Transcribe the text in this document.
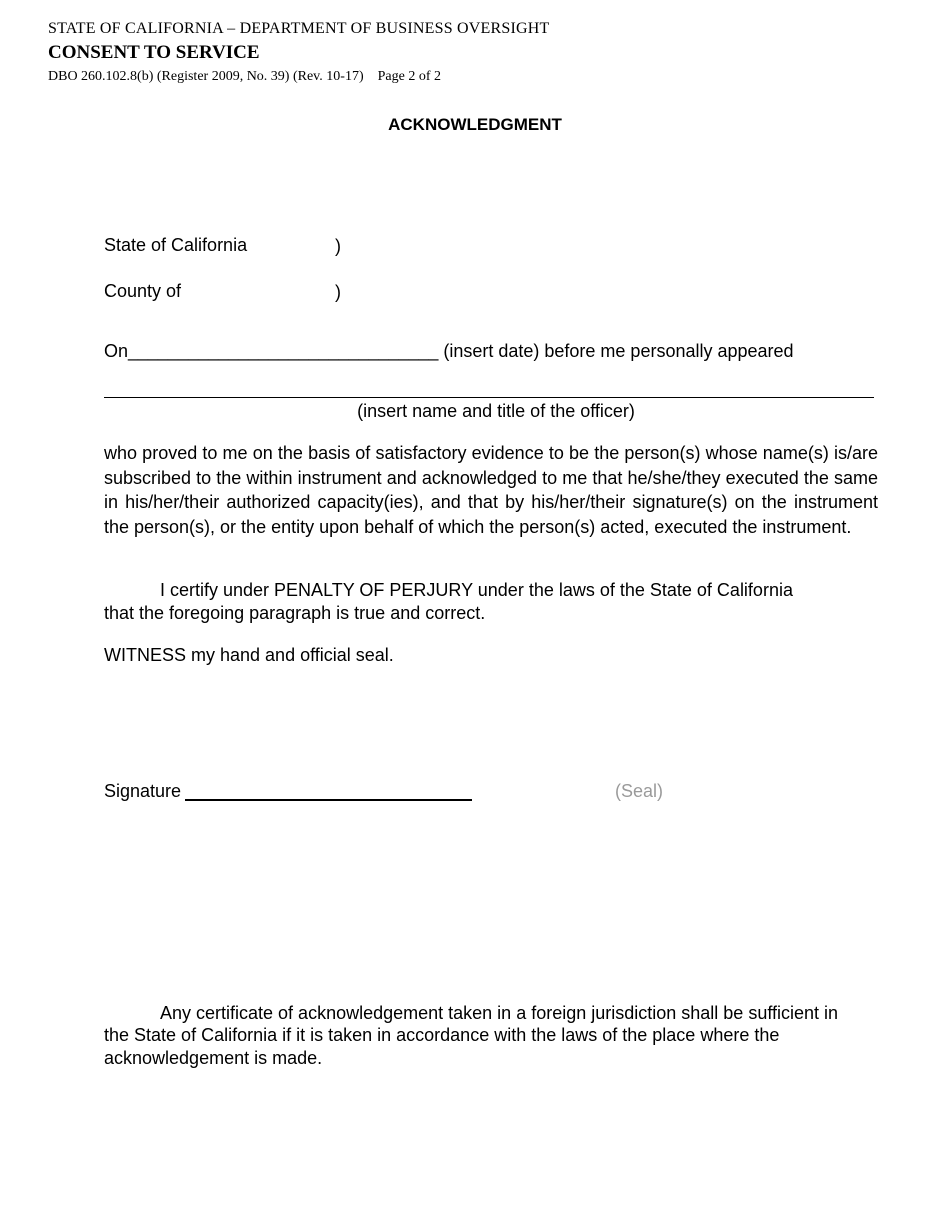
STATE OF CALIFORNIA – DEPARTMENT OF BUSINESS OVERSIGHT
CONSENT TO SERVICE
DBO 260.102.8(b) (Register 2009, No. 39) (Rev. 10-17)    Page 2 of 2
ACKNOWLEDGMENT
State of California	)
County of	)
On_______________________________ (insert date) before me personally appeared
(insert name and title of the officer)
who proved to me on the basis of satisfactory evidence to be the person(s) whose name(s) is/are subscribed to the within instrument and acknowledged to me that he/she/they executed the same in his/her/their authorized capacity(ies), and that by his/her/their signature(s) on the instrument the person(s), or the entity upon behalf of which the person(s) acted, executed the instrument.
I certify under PENALTY OF PERJURY under the laws of the State of California
that the foregoing paragraph is true and correct.
WITNESS my hand and official seal.
Signature	(Seal)
Any certificate of acknowledgement taken in a foreign jurisdiction shall be sufficient in
the State of California if it is taken in accordance with the laws of the place where the
acknowledgement is made.
